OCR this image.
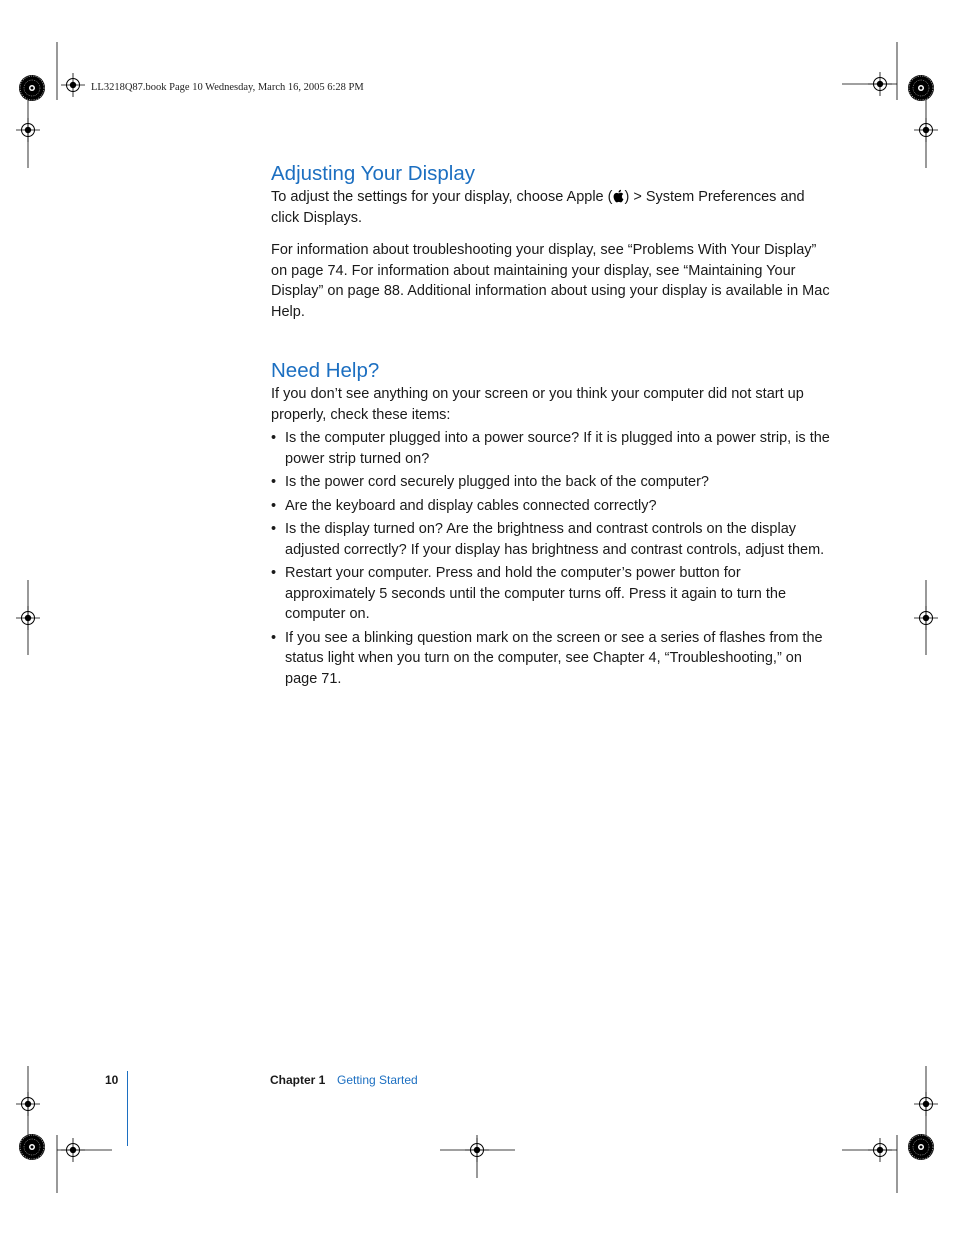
LL3218Q87.book Page 10 Wednesday, March 16, 2005 6:28 PM
Adjusting Your Display

To adjust the settings for your display, choose Apple ( ) > System Preferences and click Displays.

For information about troubleshooting your display, see “Problems With Your Display” on page 74. For information about maintaining your display, see “Maintaining Your Display” on page 88. Additional information about using your display is available in Mac Help.

Need Help?

If you don’t see anything on your screen or you think your computer did not start up properly, check these items:

• Is the computer plugged into a power source? If it is plugged into a power strip, is the power strip turned on?
• Is the power cord securely plugged into the back of the computer?
• Are the keyboard and display cables connected correctly?
• Is the display turned on? Are the brightness and contrast controls on the display adjusted correctly? If your display has brightness and contrast controls, adjust them.
• Restart your computer. Press and hold the computer’s power button for approximately 5 seconds until the computer turns off. Press it again to turn the computer on.
• If you see a blinking question mark on the screen or see a series of flashes from the status light when you turn on the computer, see Chapter 4, “Troubleshooting,” on page 71.
10	Chapter 1 Getting Started
